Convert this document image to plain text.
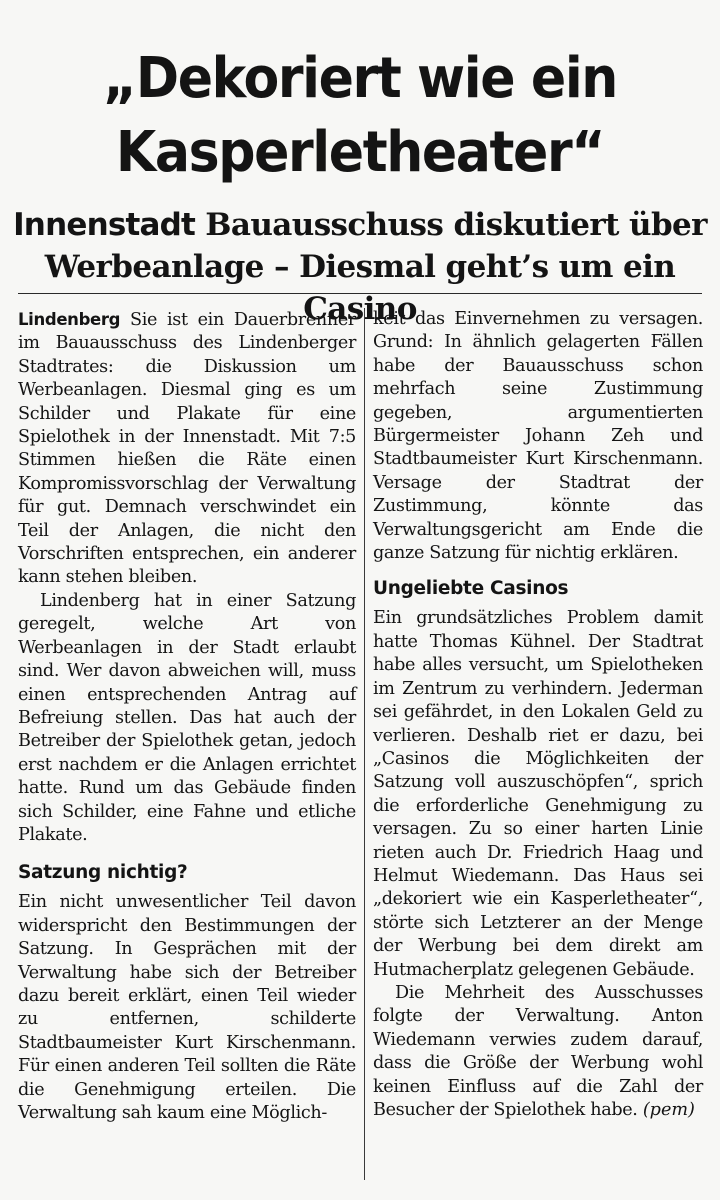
„Dekoriert wie ein
Kasperletheater“
Innenstadt Bauausschuss diskutiert über
Werbeanlage – Diesmal geht’s um ein Casino

Lindenberg Sie ist ein Dauerbrenner im Bauausschuss des Lindenberger Stadtrates: die Diskussion um Werbeanlagen. Diesmal ging es um Schilder und Plakate für eine Spielothek in der Innenstadt. Mit 7:5 Stimmen hießen die Räte einen Kompromissvorschlag der Verwaltung für gut. Demnach verschwindet ein Teil der Anlagen, die nicht den Vorschriften entsprechen, ein anderer kann stehen bleiben.

Lindenberg hat in einer Satzung geregelt, welche Art von Werbeanlagen in der Stadt erlaubt sind. Wer davon abweichen will, muss einen entsprechenden Antrag auf Befreiung stellen. Das hat auch der Betreiber der Spielothek getan, jedoch erst nachdem er die Anlagen errichtet hatte. Rund um das Gebäude finden sich Schilder, eine Fahne und etliche Plakate.

Satzung nichtig?

Ein nicht unwesentlicher Teil davon widerspricht den Bestimmungen der Satzung. In Gesprächen mit der Verwaltung habe sich der Betreiber dazu bereit erklärt, einen Teil wieder zu entfernen, schilderte Stadtbaumeister Kurt Kirschenmann. Für einen anderen Teil sollten die Räte die Genehmigung erteilen. Die Verwaltung sah kaum eine Möglich-

keit das Einvernehmen zu versagen. Grund: In ähnlich gelagerten Fällen habe der Bauausschuss schon mehrfach seine Zustimmung gegeben, argumentierten Bürgermeister Johann Zeh und Stadtbaumeister Kurt Kirschenmann. Versage der Stadtrat der Zustimmung, könnte das Verwaltungsgericht am Ende die ganze Satzung für nichtig erklären.

Ungeliebte Casinos

Ein grundsätzliches Problem damit hatte Thomas Kühnel. Der Stadtrat habe alles versucht, um Spielotheken im Zentrum zu verhindern. Jederman sei gefährdet, in den Lokalen Geld zu verlieren. Deshalb riet er dazu, bei „Casinos die Möglichkeiten der Satzung voll auszuschöpfen“, sprich die erforderliche Genehmigung zu versagen. Zu so einer harten Linie rieten auch Dr. Friedrich Haag und Helmut Wiedemann. Das Haus sei „dekoriert wie ein Kasperletheater“, störte sich Letzterer an der Menge der Werbung bei dem direkt am Hutmacherplatz gelegenen Gebäude.

Die Mehrheit des Ausschusses folgte der Verwaltung. Anton Wiedemann verwies zudem darauf, dass die Größe der Werbung wohl keinen Einfluss auf die Zahl der Besucher der Spielothek habe. (pem)
